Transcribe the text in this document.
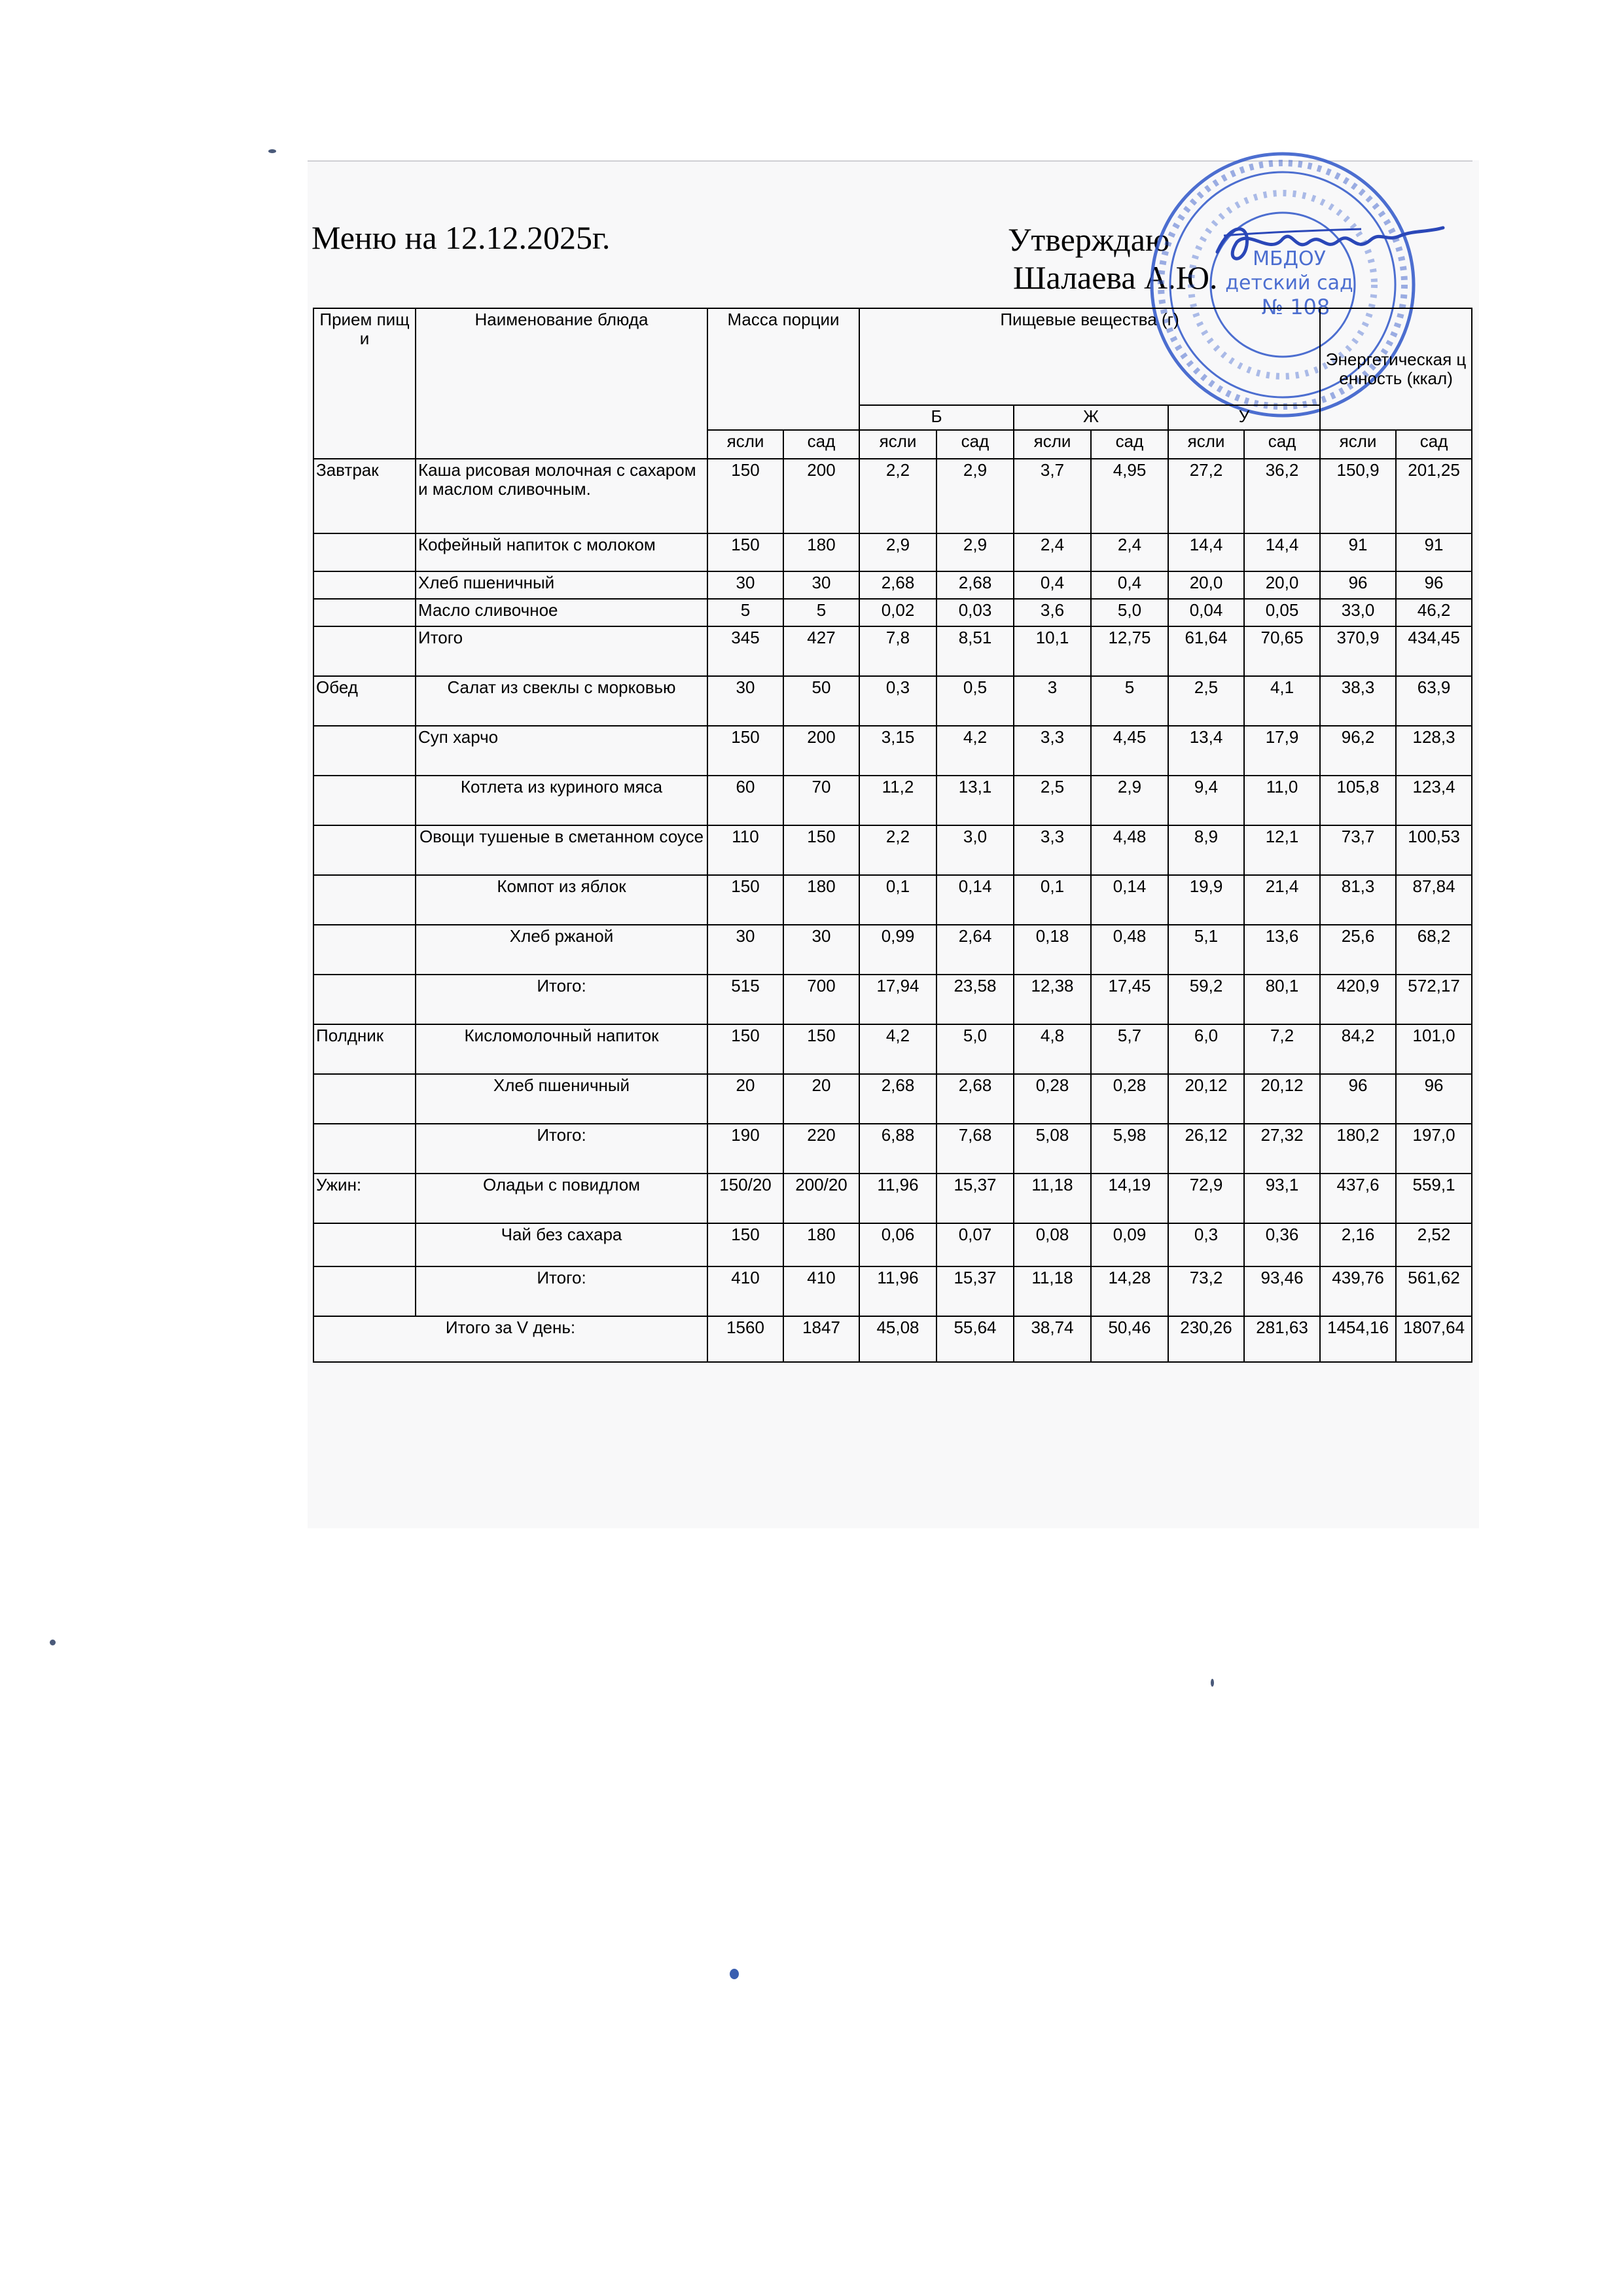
Меню на 12.12.2025г.	Утверждаю
Шалаева А.Ю. МБДОУ
детский сад
№ 108
Прием пищи	Наименование блюда	Масса порции		Пищевые вещества (г)						Энергетическая ценность (ккал)	
				Б		Ж		У			
		ясли	сад	ясли	сад	ясли	сад	ясли	сад	ясли	сад
Завтрак	Каша рисовая молочная с сахаром и маслом сливочным.	150	200	2,2	2,9	3,7	4,95	27,2	36,2	150,9	201,25
	Кофейный напиток с молоком	150	180	2,9	2,9	2,4	2,4	14,4	14,4	91	91
	Хлеб пшеничный	30	30	2,68	2,68	0,4	0,4	20,0	20,0	96	96
	Масло сливочное	5	5	0,02	0,03	3,6	5,0	0,04	0,05	33,0	46,2
	Итого	345	427	7,8	8,51	10,1	12,75	61,64	70,65	370,9	434,45
Обед	Салат из свеклы с морковью	30	50	0,3	0,5	3	5	2,5	4,1	38,3	63,9
	Суп харчо	150	200	3,15	4,2	3,3	4,45	13,4	17,9	96,2	128,3
	Котлета из куриного мяса	60	70	11,2	13,1	2,5	2,9	9,4	11,0	105,8	123,4
	Овощи тушеные в сметанном соусе	110	150	2,2	3,0	3,3	4,48	8,9	12,1	73,7	100,53
	Компот из яблок	150	180	0,1	0,14	0,1	0,14	19,9	21,4	81,3	87,84
	Хлеб ржаной	30	30	0,99	2,64	0,18	0,48	5,1	13,6	25,6	68,2
	Итого:	515	700	17,94	23,58	12,38	17,45	59,2	80,1	420,9	572,17
Полдник	Кисломолочный напиток	150	150	4,2	5,0	4,8	5,7	6,0	7,2	84,2	101,0
	Хлеб пшеничный	20	20	2,68	2,68	0,28	0,28	20,12	20,12	96	96
	Итого:	190	220	6,88	7,68	5,08	5,98	26,12	27,32	180,2	197,0
Ужин:	Оладьи с повидлом	150/20	200/20	11,96	15,37	11,18	14,19	72,9	93,1	437,6	559,1
	Чай без сахара	150	180	0,06	0,07	0,08	0,09	0,3	0,36	2,16	2,52
	Итого:	410	410	11,96	15,37	11,18	14,28	73,2	93,46	439,76	561,62
Итого за V день:		1560	1847	45,08	55,64	38,74	50,46	230,26	281,63	1454,16	1807,64
